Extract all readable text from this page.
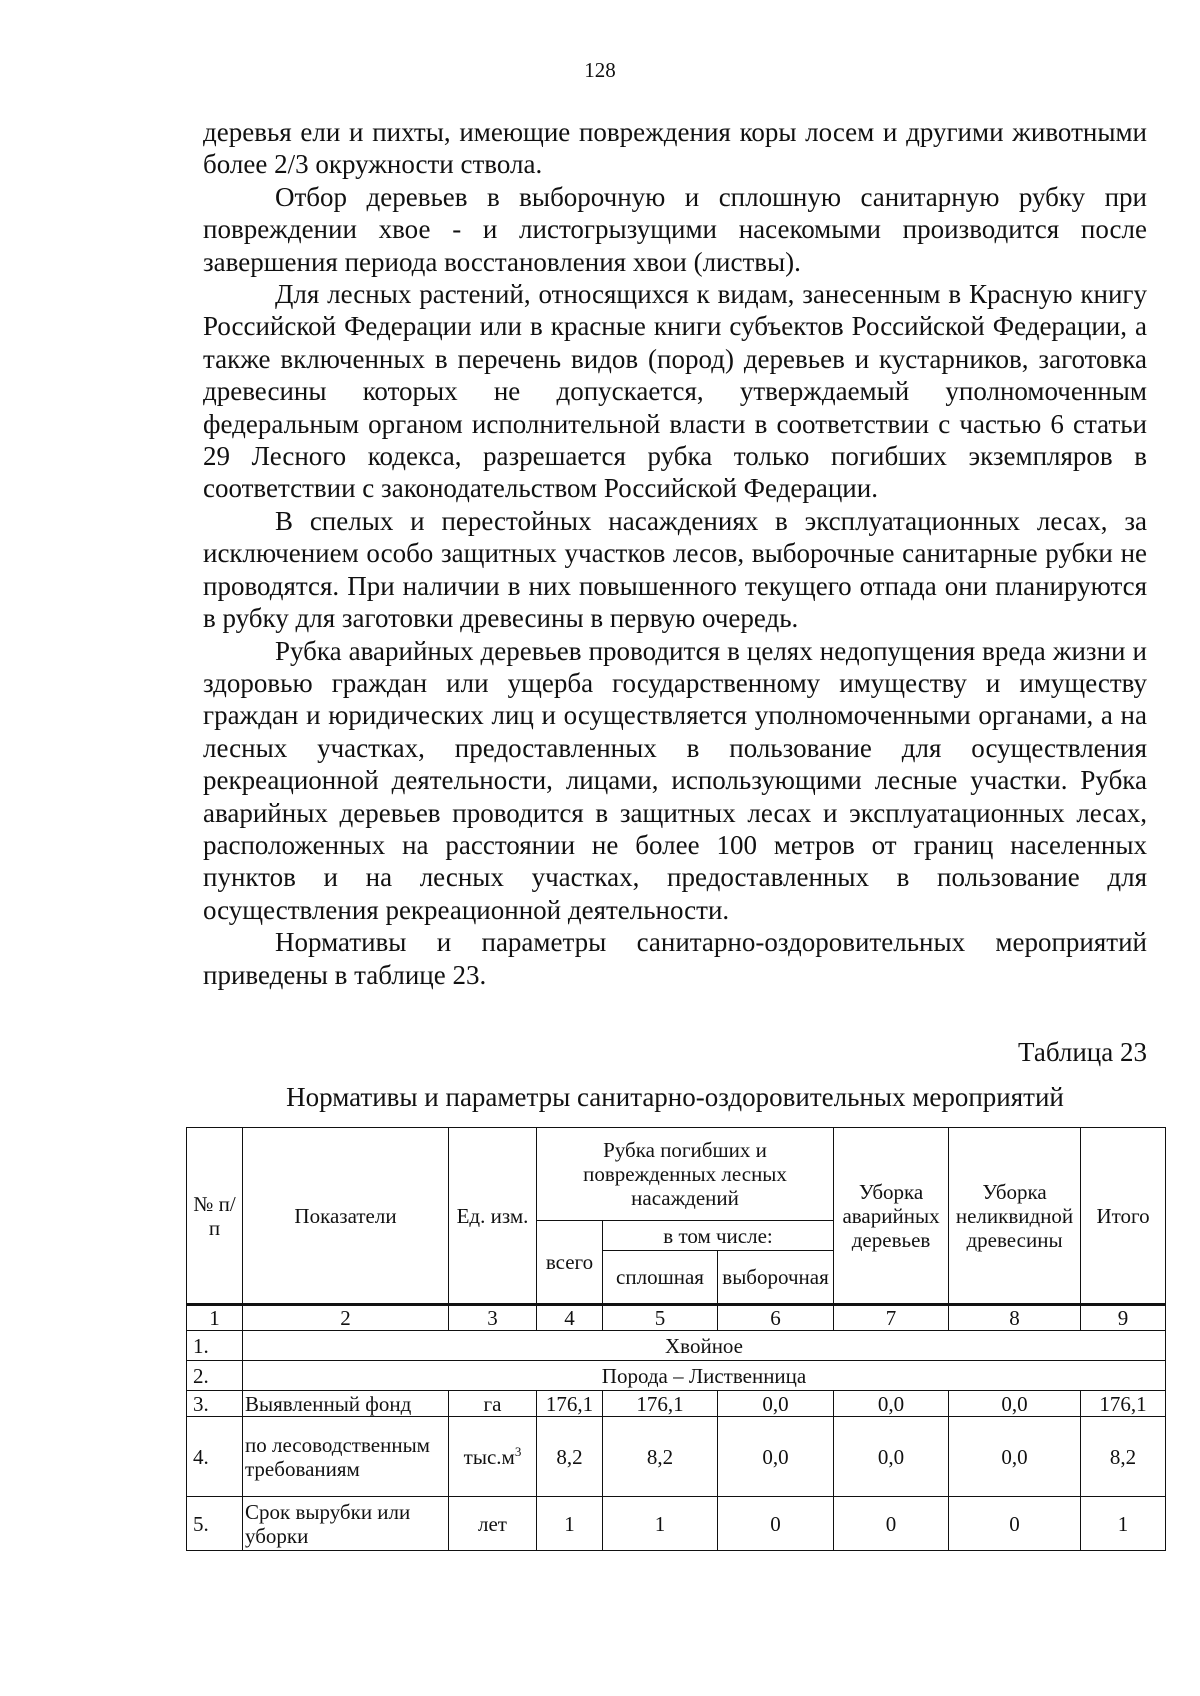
128

деревья ели и пихты, имеющие повреждения коры лосем и другими животными более 2/3 окружности ствола.

Отбор деревьев в выборочную и сплошную санитарную рубку при повреждении хвое - и листогрызущими насекомыми производится после завершения периода восстановления хвои (листвы).

Для лесных растений, относящихся к видам, занесенным в Красную книгу Российской Федерации или в красные книги субъектов Российской Федерации, а также включенных в перечень видов (пород) деревьев и кустарников, заготовка древесины которых не допускается, утверждаемый уполномоченным федеральным органом исполнительной власти в соответствии с частью 6 статьи 29 Лесного кодекса, разрешается рубка только погибших экземпляров в соответствии с законодательством Российской Федерации.

В спелых и перестойных насаждениях в эксплуатационных лесах, за исключением особо защитных участков лесов, выборочные санитарные рубки не проводятся. При наличии в них повышенного текущего отпада они планируются в рубку для заготовки древесины в первую очередь.

Рубка аварийных деревьев проводится в целях недопущения вреда жизни и здоровью граждан или ущерба государственному имуществу и имуществу граждан и юридических лиц и осуществляется уполномоченными органами, а на лесных участках, предоставленных в пользование для осуществления рекреационной деятельности, лицами, использующими лесные участки. Рубка аварийных деревьев проводится в защитных лесах и эксплуатационных лесах, расположенных на расстоянии не более 100 метров от границ населенных пунктов и на лесных участках, предоставленных в пользование для осуществления рекреационной деятельности.

Нормативы и параметры санитарно-оздоровительных мероприятий приведены в таблице 23.

Таблица 23
Нормативы и параметры санитарно-оздоровительных мероприятий
№ п/п	Показатели	Ед. изм.	Рубка погибших и поврежденных лесных насаждений			Уборка аварийных деревьев	Уборка неликвидной древесины	Итого
			всего	в том числе:				
				сплошная	выборочная			
1	2	3	4	5	6	7	8	9
1.	Хвойное							
2.	Порода – Лиственница							
3.	Выявленный фонд	га	176,1	176,1	0,0	0,0	0,0	176,1
4.	по лесоводственным требованиям	$тыс.м^3$	8,2	8,2	0,0	0,0	0,0	8,2
5.	Срок вырубки или уборки	лет	1	1	0	0	0	1
